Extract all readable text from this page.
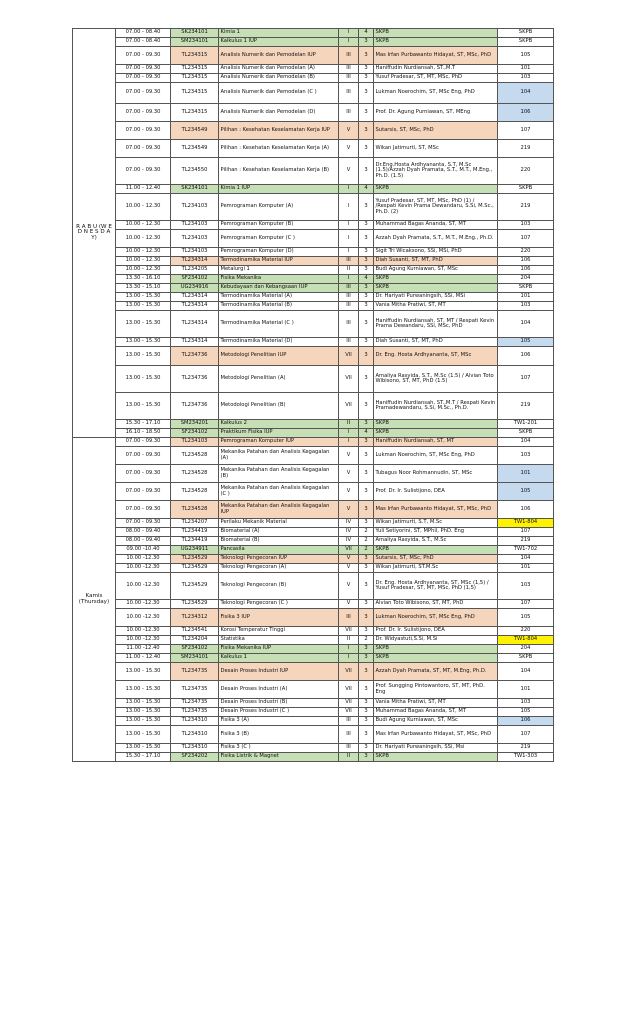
R A B U (W E D N E S D A Y)	07.00 - 08.40	SK234101	Kimia 1	I	4	SKPB	SKPB
	07.00 - 08.40	SM234101	Kalkulus 1 IUP	I	3	SKPB	SKPB
	07.00 - 09.30	TL234315	Analisis Numerik dan Pemodelan IUP	III	3	Mas Irfan Purbawanto Hidayat, ST, MSc, PhD	105
	07.00 - 09.30	TL234315	Analisis Numerik dan Pemodelan (A)	III	3	Haniffudin Nurdiansah, ST.,M.T	101
	07.00 - 09.30	TL234315	Analisis Numerik dan Pemodelan (B)	III	3	Yusuf Pradesar, ST, MT, MSc, PhD	103
	07.00 - 09.30	TL234315	Analisis Numerik dan Pemodelan (C )	III	3	Lukman Noerochim, ST, MSc Eng, PhD	104
	07.00 - 09.30	TL234315	Analisis Numerik dan Pemodelan (D)	III	3	Prof. Dr. Agung Purniawan, ST, MEng	106
	07.00 - 09.30	TL234549	Pilihan : Kesehatan Keselamatan Kerja IUP	V	3	Sutarsis, ST, MSc, PhD	107
	07.00 - 09.30	TL234549	Pilihan : Kesehatan Keselamatan Kerja (A)	V	3	Wikan Jatimurti, ST, MSc	219
	07.00 - 09.30	TL234550	Pilihan : Kesehatan Keselamatan Kerja (B)	V	3	Dr.Eng.Hosta Ardhyananta, S.T, M.Sc (1.5)/Azzah Dyah Pramata, S.T., M.T., M.Eng., Ph.D. (1.5)	220
	11.00 - 12.40	SK234101	Kimia 1 IUP	I	4	SKPB	SKPB
	10.00 - 12.30	TL234103	Pemrograman Komputer (A)	I	3	Yusuf Pradesar, ST, MT, MSc, PhD (1) / /Respati Kevin Prama Dewandaru, S.Si, M.Sc., Ph.D. (2)	219
	10.00 - 12.30	TL234103	Pemrograman Komputer (B)	I	3	Muhammad Bagas Ananda, ST, MT	103
	10.00 - 12.30	TL234103	Pemrograman Komputer (C )	I	3	Azzah Dyah Pramata, S.T., M.T., M.Eng., Ph.D.	107
	10.00 - 12.30	TL234103	Pemrograman Komputer (D)	I	3	Sigit Tri Wicaksono, SSi, MSi, PhD	220
	10.00 - 12.30	TL234314	Termodinamika Material IUP	III	3	Diah Susanti, ST, MT, PhD	106
	10.00 - 12.30	TL234205	Metalurgi 1	II	3	Budi Agung Kurniawan, ST, MSc	106
	13.30 - 16.10	SF234102	Fisika Mekanika	I	4	SKPB	204
	13.30 - 15.10	UG234916	Kebudayaan dan Kebangsaan IUP	III	3	SKPB	SKPB
	13.00 - 15.30	TL234314	Termodinamika Material (A)	III	3	Dr. Hariyati Purwaningsih, SSi, MSi	101
	13.00 - 15.30	TL234314	Termodinamika Material (B)	III	3	Vania Mitha Pratiwi, ST, MT	103
	13.00 - 15.30	TL234314	Termodinamika Material (C )	III	3	Haniffudin Nurdiansah, ST, MT / Respati Kevin Prama Dewandaru, SSi, MSc, PhD	104
	13.00 - 15.30	TL234314	Termodinamika Material (D)	III	3	Diah Susanti, ST, MT, PhD	105
	13.00 - 15.30	TL234736	Metodologi Penelitian IUP	VII	3	Dr. Eng. Hosta Ardhyananta, ST, MSc	106
	13.00 - 15.30	TL234736	Metodologi Penelitian (A)	VII	3	Amaliya Rasyida, S.T., M.Sc (1.5) / Alvian Toto Wibisono, ST, MT, PhD (1.5)	107
	13.00 - 15.30	TL234736	Metodologi Penelitian (B)	VII	3	Haniffudin Nurdiansah, ST.,M.T / Respati Kevin Pramadewandaru, S.Si, M.Sc., Ph.D.	219
	15.30 - 17.10	SM234201	Kalkulus 2	II	3	SKPB	TW1-201
	16.10 - 18.50	SF234102	Praktikum Fisika IUP	I	4	SKPB	SKPB
Kamis (Thursday)	07.00 - 09.30	TL234103	Pemrograman Komputer IUP	I	3	Haniffudin Nurdiansah, ST, MT	104
	07.00 - 09.30	TL234528	Mekanika Patahan dan Analisis Kegagalan (A)	V	3	Lukman Noerochim, ST, MSc Eng, PhD	103
	07.00 - 09.30	TL234528	Mekanika Patahan dan Analisis Kegagalan (B)	V	3	Tubagus Noor Rohmannudin, ST, MSc	101
	07.00 - 09.30	TL234528	Mekanika Patahan dan Analisis Kegagalan (C )	V	3	Prof. Dr. Ir. Sulistijono, DEA	105
	07.00 - 09.30	TL234528	Mekanika Patahan dan Analisis Kegagalan IUP	V	3	Mas Irfan Purbawanto Hidayat, ST, MSc, PhD	106
	07.00 - 09.30	TL234207	Perilaku Mekanik Material	IV	3	Wikan Jatimurti, S.T, M.Sc	TW1-804
	08.00 - 09.40	TL234419	Biomaterial (A)	IV	2	Yuli Setiyorini, ST, MPhil, PhD. Eng	107
	08.00 - 09.40	TL234419	Biomaterial (B)	IV	2	Amaliya Rasyida, S.T., M.Sc	219
	09.00 -10.40	UG234911	Pancasila	VII	2	SKPB	TW1-702
	10.00 -12.30	TL234529	Teknologi Pengecoran IUP	V	3	Sutarsis, ST, MSc, PhD	104
	10.00 -12.30	TL234529	Teknologi Pengecoran (A)	V	3	Wikan Jatimurti, ST.M.Sc	101
	10.00 -12.30	TL234529	Teknologi Pengecoran (B)	V	3	Dr. Eng. Hosta Ardhyananta, ST, MSc (1,5) / Yusuf Pradesar, ST, MT, MSc, PhD (1,5)	103
	10.00 -12.30	TL234529	Teknologi Pengecoran (C )	V	3	Alvian Toto Wibisono, ST, MT, PhD	107
	10.00 -12.30	TL234312	Fisika 3 IUP	III	3	Lukman Noerochim, ST, MSc Eng, PhD	105
	10.00 -12.30	TL234541	Korosi Temperatur Tinggi	VII	3	Prof. Dr. Ir. Sulistijono, DEA	220
	10.00 -12.30	TL234204	Statistika	II	2	Dr. Widyastuti,S.Si, M.Si	TW1-804
	11.00 -12.40	SF234102	Fisika Mekanika IUP	I	3	SKPB	204
	11.00 - 12.40	SM234101	Kalkulus 1	I	3	SKPB	SKPB
	13.00 - 15.30	TL234735	Desain Proses Industri IUP	VII	3	Azzah Dyah Pramata, ST, MT, M.Eng, Ph.D.	104
	13.00 - 15.30	TL234735	Desain Proses Industri (A)	VII	3	Prof. Sungging Pintowantoro, ST, MT, PhD. Eng	101
	13.00 - 15.30	TL234735	Desain Proses Industri (B)	VII	3	Vania Mitha Pratiwi, ST, MT	103
	13.00 - 15.30	TL234735	Desain Proses Industri (C )	VII	3	Muhammad Bagas Ananda, ST, MT	105
	13.00 - 15.30	TL234310	Fisika 3 (A)	III	3	Budi Agung Kurniawan, ST, MSc	106
	13.00 - 15.30	TL234310	Fisika 3 (B)	III	3	Mas Irfan Purbawanto Hidayat, ST, MSc, PhD	107
	13.00 - 15.30	TL234310	Fisika 3 (C )	III	3	Dr. Hariyati Purwaningsih, SSi, Msi	219
	15.30 - 17.10	SF234202	Fisika Listrik & Magnet	II	3	SKPB	TW1-303
